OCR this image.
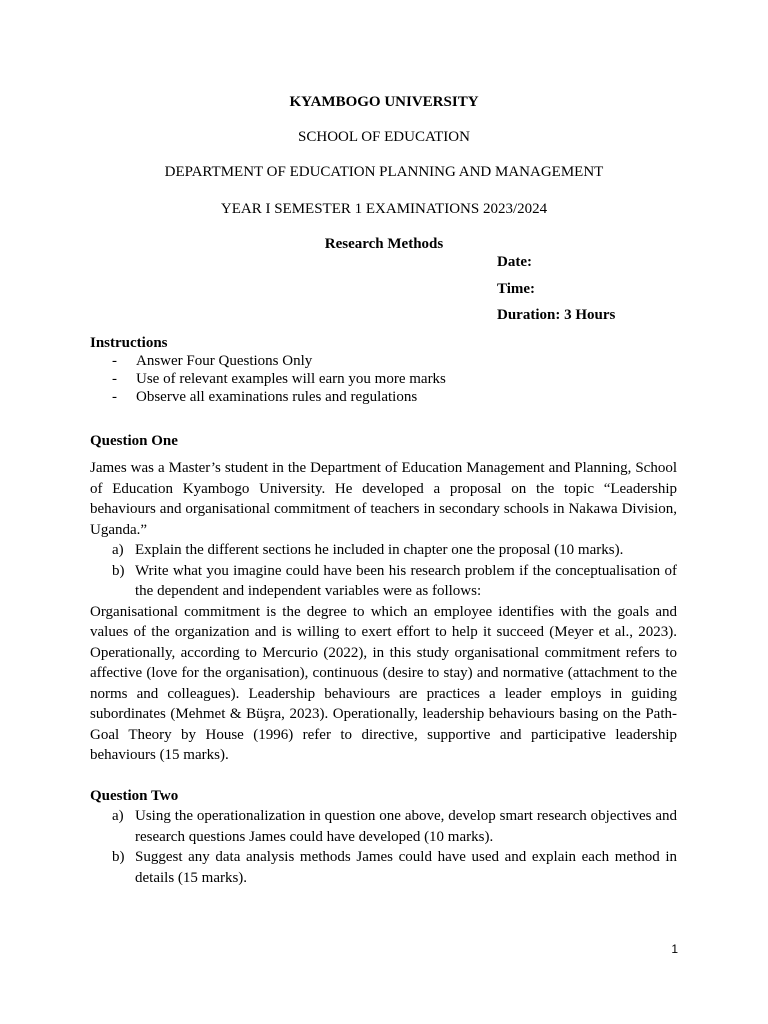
KYAMBOGO UNIVERSITY
SCHOOL OF EDUCATION
DEPARTMENT OF EDUCATION PLANNING AND MANAGEMENT
YEAR I SEMESTER 1 EXAMINATIONS 2023/2024
Research Methods
Date:
Time:
Duration: 3 Hours
Instructions
- Answer Four Questions Only
- Use of relevant examples will earn you more marks
- Observe all examinations rules and regulations
Question One
James was a Master’s student in the Department of Education Management and Planning, School of Education Kyambogo University. He developed a proposal on the topic “Leadership behaviours and organisational commitment of teachers in secondary schools in Nakawa Division, Uganda.”
a) Explain the different sections he included in chapter one the proposal (10 marks).
b) Write what you imagine could have been his research problem if the conceptualisation of the dependent and independent variables were as follows:
Organisational commitment is the degree to which an employee identifies with the goals and values of the organization and is willing to exert effort to help it succeed (Meyer et al., 2023). Operationally, according to Mercurio (2022), in this study organisational commitment refers to affective (love for the organisation), continuous (desire to stay) and normative (attachment to the norms and colleagues). Leadership behaviours are practices a leader employs in guiding subordinates (Mehmet & Büşra, 2023). Operationally, leadership behaviours basing on the Path-Goal Theory by House (1996) refer to directive, supportive and participative leadership behaviours (15 marks).
Question Two
a) Using the operationalization in question one above, develop smart research objectives and research questions James could have developed (10 marks).
b) Suggest any data analysis methods James could have used and explain each method in details (15 marks).
1
